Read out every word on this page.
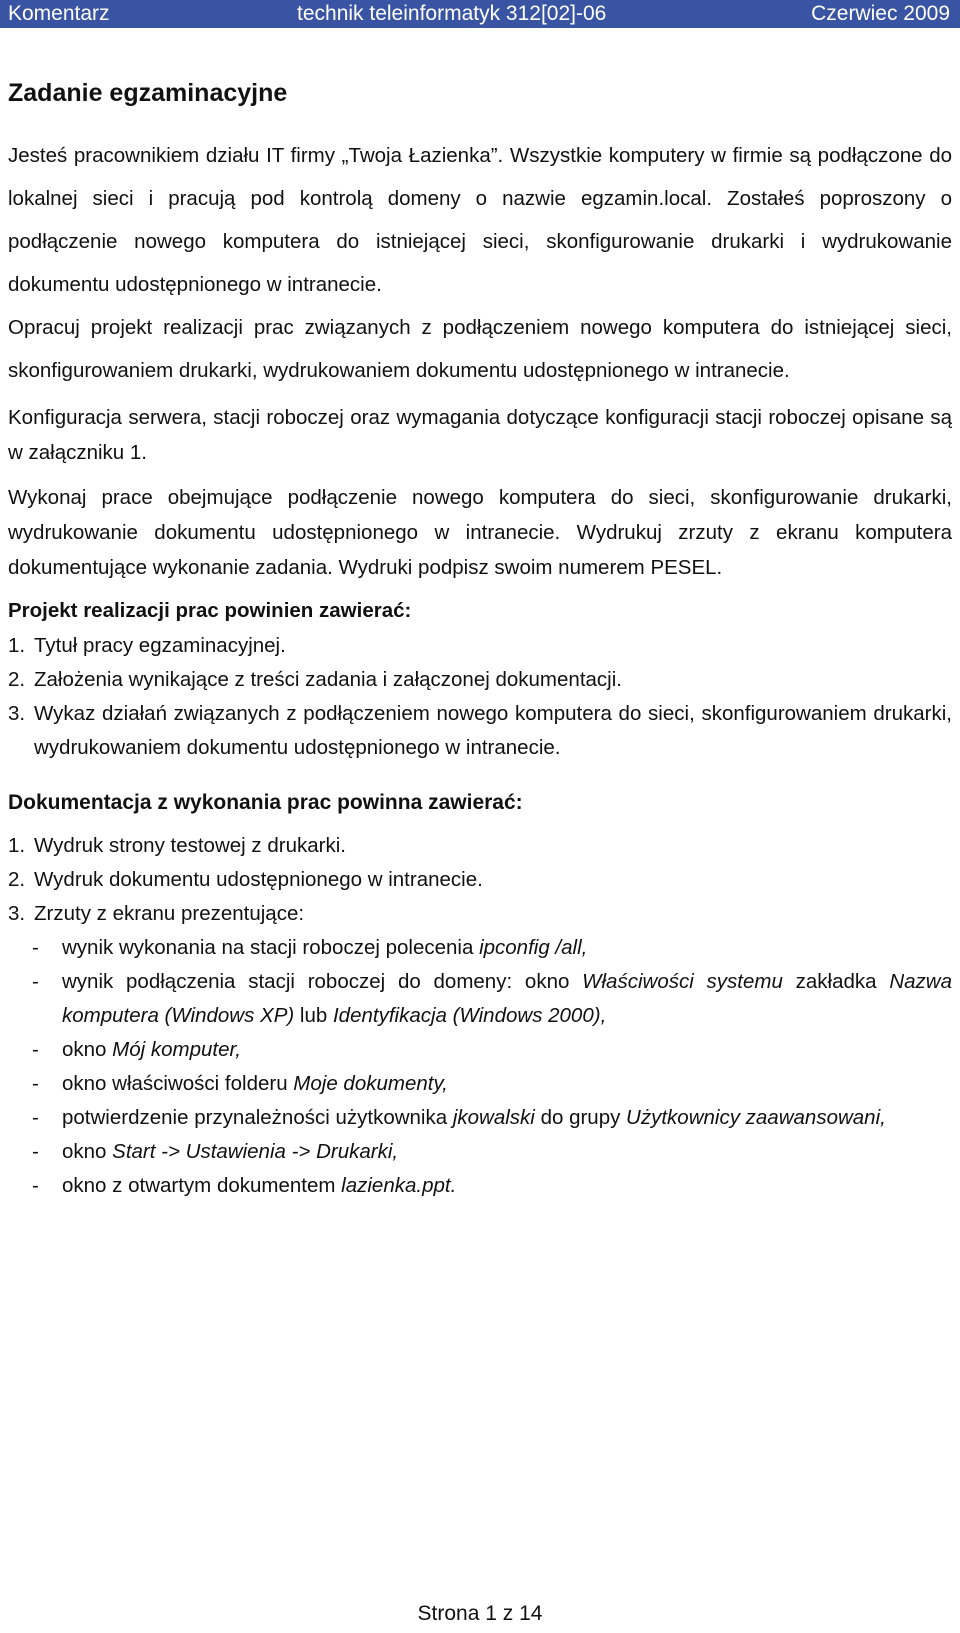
Komentarz	technik teleinformatyk 312[02]-06	Czerwiec 2009
Zadanie egzaminacyjne

Jesteś pracownikiem działu IT firmy „Twoja Łazienka”. Wszystkie komputery w firmie są podłączone do lokalnej sieci i pracują pod kontrolą domeny o nazwie egzamin.local. Zostałeś poproszony o podłączenie nowego komputera do istniejącej sieci, skonfigurowanie drukarki i wydrukowanie dokumentu udostępnionego w intranecie.

Opracuj projekt realizacji prac związanych z podłączeniem nowego komputera do istniejącej sieci, skonfigurowaniem drukarki, wydrukowaniem dokumentu udostępnionego w intranecie.

Konfiguracja serwera, stacji roboczej oraz wymagania dotyczące konfiguracji stacji roboczej opisane są w załączniku 1.

Wykonaj prace obejmujące podłączenie nowego komputera do sieci, skonfigurowanie drukarki, wydrukowanie dokumentu udostępnionego w intranecie. Wydrukuj zrzuty z ekranu komputera dokumentujące wykonanie zadania. Wydruki podpisz swoim numerem PESEL.

Projekt realizacji prac powinien zawierać:
1. Tytuł pracy egzaminacyjnej.
2. Założenia wynikające z treści zadania i załączonej dokumentacji.
3. Wykaz działań związanych z podłączeniem nowego komputera do sieci, skonfigurowaniem drukarki, wydrukowaniem dokumentu udostępnionego w intranecie.
Dokumentacja z wykonania prac powinna zawierać:
1. Wydruk strony testowej z drukarki.
2. Wydruk dokumentu udostępnionego w intranecie.
3. Zrzuty z ekranu prezentujące:
- wynik wykonania na stacji roboczej polecenia ipconfig /all,
- wynik podłączenia stacji roboczej do domeny: okno Właściwości systemu zakładka Nazwa komputera (Windows XP) lub Identyfikacja (Windows 2000),
- okno Mój komputer,
- okno właściwości folderu Moje dokumenty,
- potwierdzenie przynależności użytkownika jkowalski do grupy Użytkownicy zaawansowani,
- okno Start -> Ustawienia -> Drukarki,
- okno z otwartym dokumentem lazienka.ppt.
Strona 1 z 14
